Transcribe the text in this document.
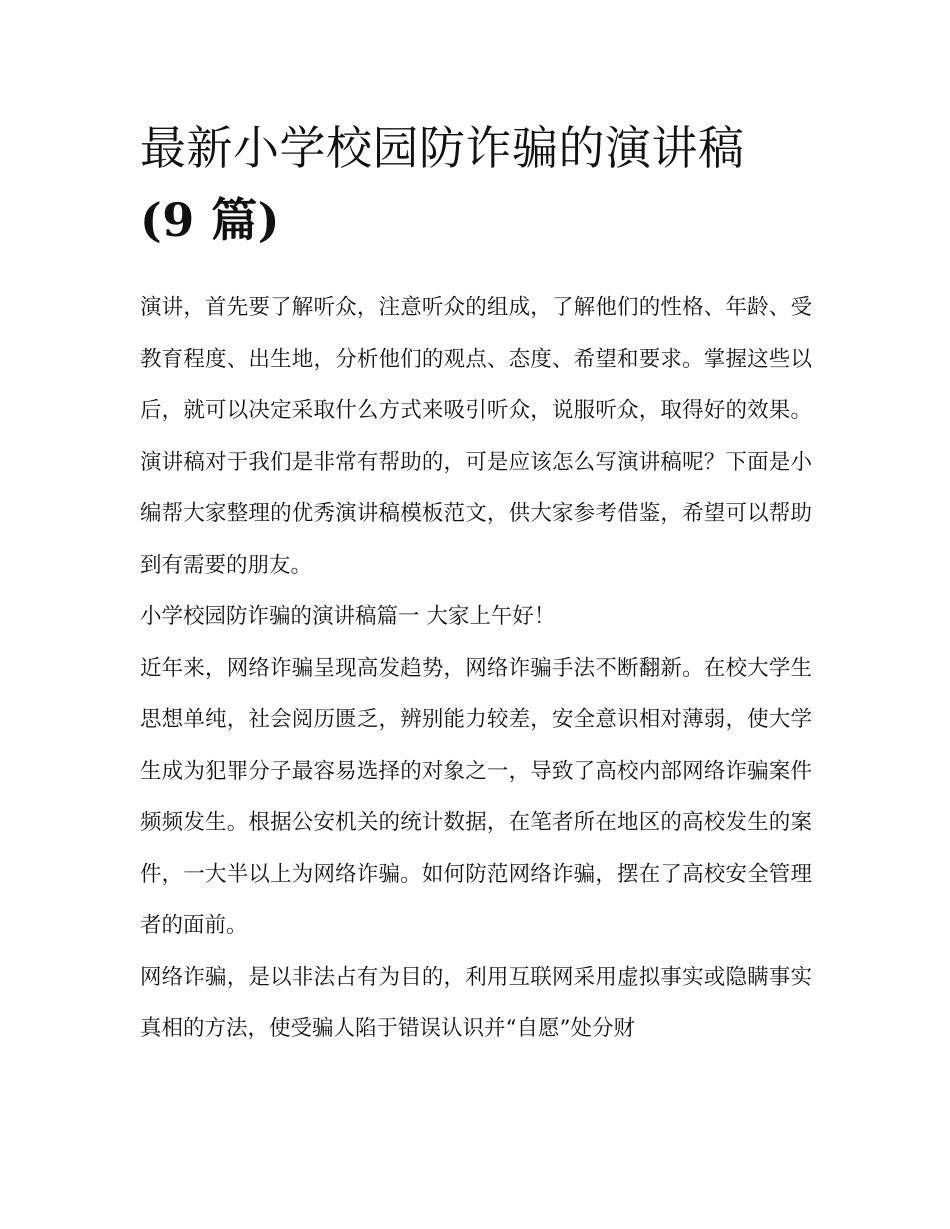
最新小学校园防诈骗的演讲稿
(9 篇)

演讲，首先要了解听众，注意听众的组成，了解他们的性格、年龄、受教育程度、出生地，分析他们的观点、态度、希望和要求。掌握这些以后，就可以决定采取什么方式来吸引听众，说服听众，取得好的效果。演讲稿对于我们是非常有帮助的，可是应该怎么写演讲稿呢？下面是小编帮大家整理的优秀演讲稿模板范文，供大家参考借鉴，希望可以帮助到有需要的朋友。

小学校园防诈骗的演讲稿篇一 大家上午好！

近年来，网络诈骗呈现高发趋势，网络诈骗手法不断翻新。在校大学生思想单纯，社会阅历匮乏，辨别能力较差，安全意识相对薄弱，使大学生成为犯罪分子最容易选择的对象之一，导致了高校内部网络诈骗案件频频发生。根据公安机关的统计数据，在笔者所在地区的高校发生的案件，一大半以上为网络诈骗。如何防范网络诈骗，摆在了高校安全管理者的面前。

网络诈骗，是以非法占有为目的，利用互联网采用虚拟事实或隐瞒事实真相的方法，使受骗人陷于错误认识并“自愿”处分财
